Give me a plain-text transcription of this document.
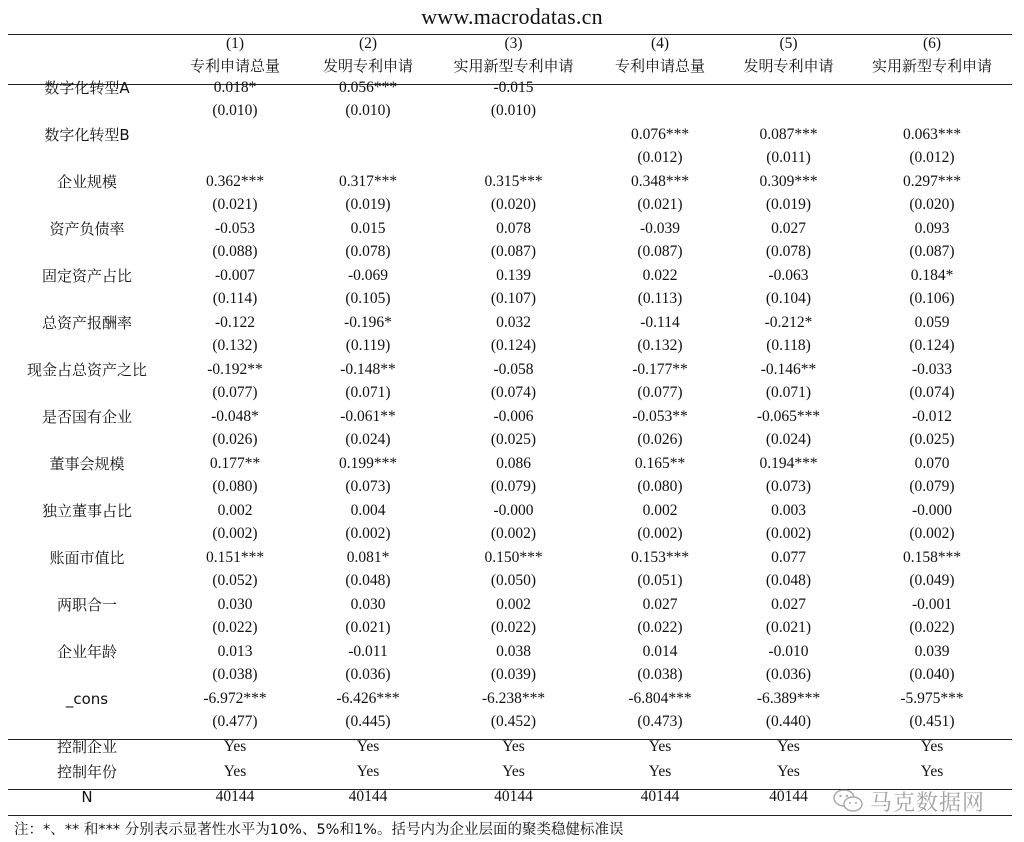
www.macrodatas.cn
	(1)	(2)	(3)	(4)	(5)	(6)
	专利申请总量	发明专利申请	实用新型专利申请	专利申请总量	发明专利申请	实用新型专利申请
数字化转型A	0.018*	0.056***	-0.015			
	(0.010)	(0.010)	(0.010)			
数字化转型B				0.076***	0.087***	0.063***
				(0.012)	(0.011)	(0.012)
企业规模	0.362***	0.317***	0.315***	0.348***	0.309***	0.297***
	(0.021)	(0.019)	(0.020)	(0.021)	(0.019)	(0.020)
资产负债率	-0.053	0.015	0.078	-0.039	0.027	0.093
	(0.088)	(0.078)	(0.087)	(0.087)	(0.078)	(0.087)
固定资产占比	-0.007	-0.069	0.139	0.022	-0.063	0.184*
	(0.114)	(0.105)	(0.107)	(0.113)	(0.104)	(0.106)
总资产报酬率	-0.122	-0.196*	0.032	-0.114	-0.212*	0.059
	(0.132)	(0.119)	(0.124)	(0.132)	(0.118)	(0.124)
现金占总资产之比	-0.192**	-0.148**	-0.058	-0.177**	-0.146**	-0.033
	(0.077)	(0.071)	(0.074)	(0.077)	(0.071)	(0.074)
是否国有企业	-0.048*	-0.061**	-0.006	-0.053**	-0.065***	-0.012
	(0.026)	(0.024)	(0.025)	(0.026)	(0.024)	(0.025)
董事会规模	0.177**	0.199***	0.086	0.165**	0.194***	0.070
	(0.080)	(0.073)	(0.079)	(0.080)	(0.073)	(0.079)
独立董事占比	0.002	0.004	-0.000	0.002	0.003	-0.000
	(0.002)	(0.002)	(0.002)	(0.002)	(0.002)	(0.002)
账面市值比	0.151***	0.081*	0.150***	0.153***	0.077	0.158***
	(0.052)	(0.048)	(0.050)	(0.051)	(0.048)	(0.049)
两职合一	0.030	0.030	0.002	0.027	0.027	-0.001
	(0.022)	(0.021)	(0.022)	(0.022)	(0.021)	(0.022)
企业年龄	0.013	-0.011	0.038	0.014	-0.010	0.039
	(0.038)	(0.036)	(0.039)	(0.038)	(0.036)	(0.040)
_cons	-6.972***	-6.426***	-6.238***	-6.804***	-6.389***	-5.975***
	(0.477)	(0.445)	(0.452)	(0.473)	(0.440)	(0.451)
控制企业	Yes	Yes	Yes	Yes	Yes	Yes
控制年份	Yes	Yes	Yes	Yes	Yes	Yes
N	40144	40144	40144	40144	40144	
注：*、** 和*** 分别表示显著性水平为10%、5%和1%。括号内为企业层面的聚类稳健标准误
马克数据网
